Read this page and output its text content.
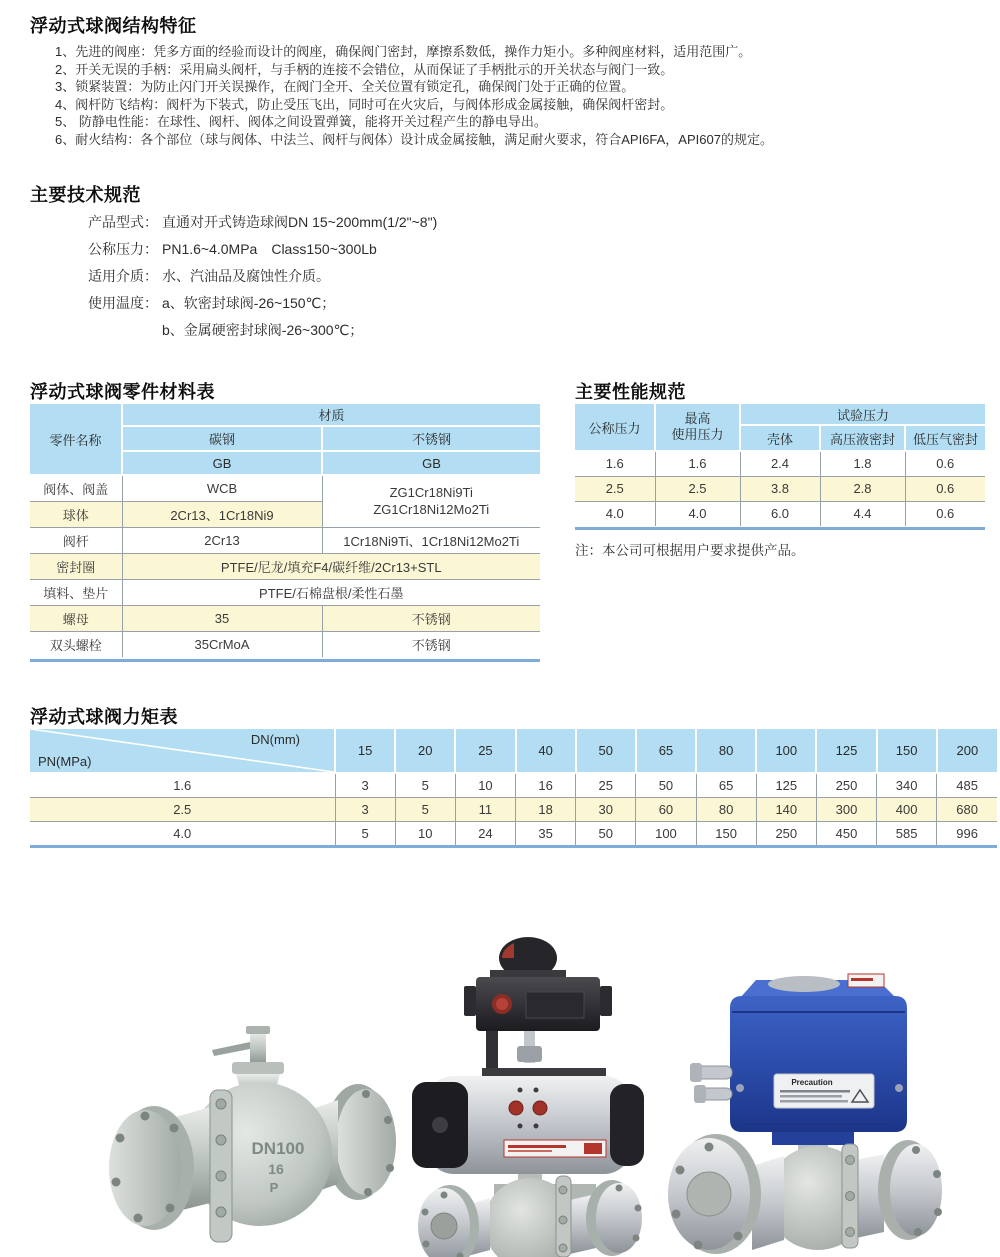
浮动式球阀结构特征
1、先进的阀座：凭多方面的经验而设计的阀座，确保阀门密封，摩擦系数低，操作力矩小。多种阀座材料，适用范围广。
2、开关无误的手柄：采用扁头阀杆，与手柄的连接不会错位，从而保证了手柄批示的开关状态与阀门一致。
3、锁紧装置：为防止闪门开关误操作，在阀门全开、全关位置有锁定孔，确保阀门处于正确的位置。
4、阀杆防飞结构：阀杆为下装式，防止受压飞出，同时可在火灾后，与阀体形成金属接触，确保阀杆密封。
5、 防静电性能：在球性、阀杆、阀体之间设置弹簧，能将开关过程产生的静电导出。
6、耐火结构：各个部位（球与阀体、中法兰、阀杆与阀体）设计成金属接触，满足耐火要求，符合API6FA，API607的规定。
主要技术规范
产品型式： 直通对开式铸造球阀DN 15~200mm(1/2"~8")
公称压力： PN1.6~4.0MPa　Class150~300Lb
适用介质： 水、汽油品及腐蚀性介质。
使用温度： a、软密封球阀-26~150℃；
b、金属硬密封球阀-26~300℃；
浮动式球阀零件材料表
零件名称	材质	
	碳钢	不锈钢
	GB	GB
阀体、阀盖	WCB	ZG1Cr18Ni9Ti
ZG1Cr18Ni12Mo2Ti

球体	2Cr13、1Cr18Ni9	
阀杆	2Cr13	1Cr18Ni9Ti、1Cr18Ni12Mo2Ti
密封圈	PTFE/尼龙/填充F4/碳纤维/2Cr13+STL	
填料、垫片	PTFE/石棉盘根/柔性石墨	
螺母	35	不锈钢
双头螺栓	35CrMoA	不锈钢
主要性能规范
公称压力	最高
使用压力	试验压力		
		壳体	高压液密封	低压气密封
1.6	1.6	2.4	1.8	0.6
2.5	2.5	3.8	2.8	0.6
4.0	4.0	6.0	4.4	0.6
注：本公司可根据用户要求提供产品。
浮动式球阀力矩表
DN(mm)
PN(MPa)	15	20	25	40	50	65	80	100	125	150	200
1.6	3	5	10	16	25	50	65	125	250	340	485
2.5	3	5	11	18	30	60	80	140	300	400	680
4.0	5	10	24	35	50	100	150	250	450	585	996
DN100
16
P
Precaution
